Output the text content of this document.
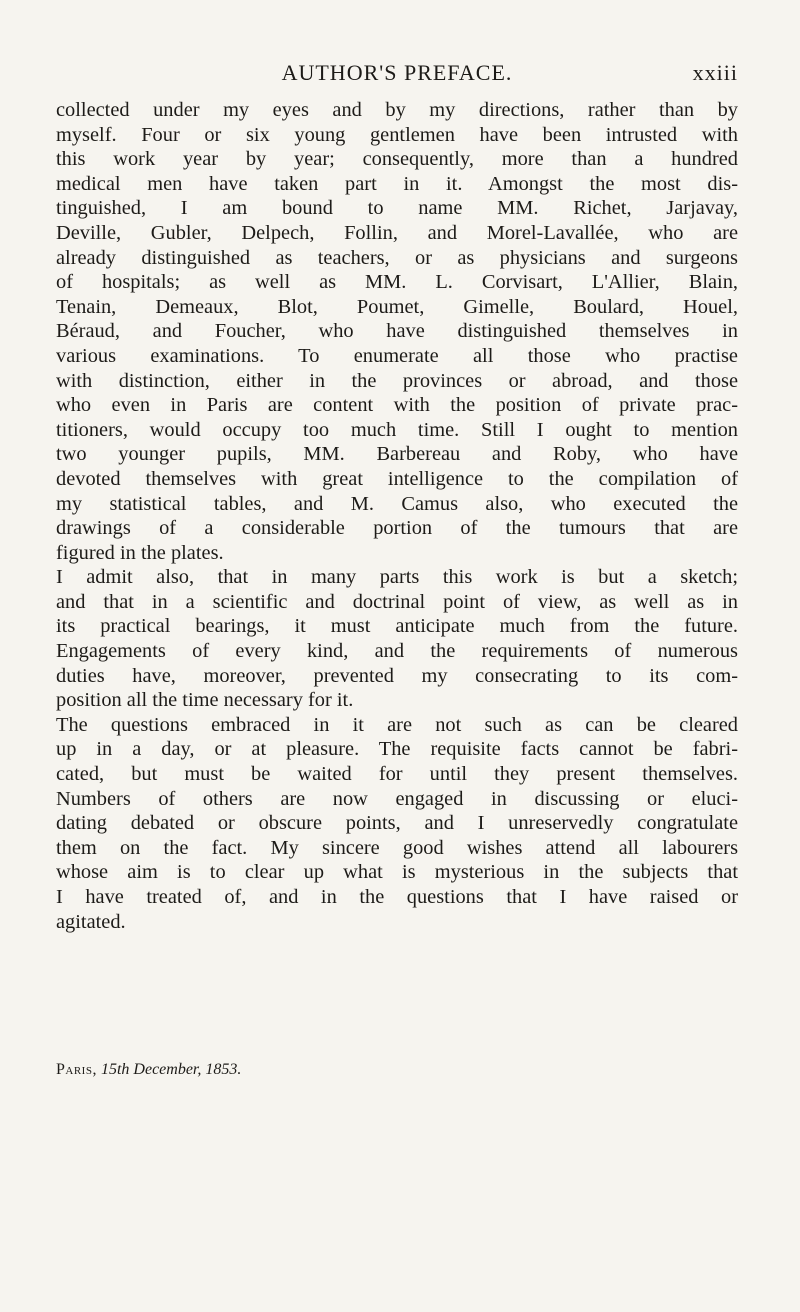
AUTHOR'S PREFACE.	xxiii
collected under my eyes and by my directions, rather than by
myself. Four or six young gentlemen have been intrusted with
this work year by year; consequently, more than a hundred
medical men have taken part in it. Amongst the most dis-
tinguished, I am bound to name MM. Richet, Jarjavay,
Deville, Gubler, Delpech, Follin, and Morel-Lavallée, who are
already distinguished as teachers, or as physicians and surgeons
of hospitals; as well as MM. L. Corvisart, L'Allier, Blain,
Tenain, Demeaux, Blot, Poumet, Gimelle, Boulard, Houel,
Béraud, and Foucher, who have distinguished themselves in
various examinations. To enumerate all those who practise
with distinction, either in the provinces or abroad, and those
who even in Paris are content with the position of private prac-
titioners, would occupy too much time. Still I ought to mention
two younger pupils, MM. Barbereau and Roby, who have
devoted themselves with great intelligence to the compilation of
my statistical tables, and M. Camus also, who executed the
drawings of a considerable portion of the tumours that are
figured in the plates.
I admit also, that in many parts this work is but a sketch;
and that in a scientific and doctrinal point of view, as well as in
its practical bearings, it must anticipate much from the future.
Engagements of every kind, and the requirements of numerous
duties have, moreover, prevented my consecrating to its com-
position all the time necessary for it.
The questions embraced in it are not such as can be cleared
up in a day, or at pleasure. The requisite facts cannot be fabri-
cated, but must be waited for until they present themselves.
Numbers of others are now engaged in discussing or eluci-
dating debated or obscure points, and I unreservedly congratulate
them on the fact. My sincere good wishes attend all labourers
whose aim is to clear up what is mysterious in the subjects that
I have treated of, and in the questions that I have raised or
agitated.
Paris, 15th December, 1853.
